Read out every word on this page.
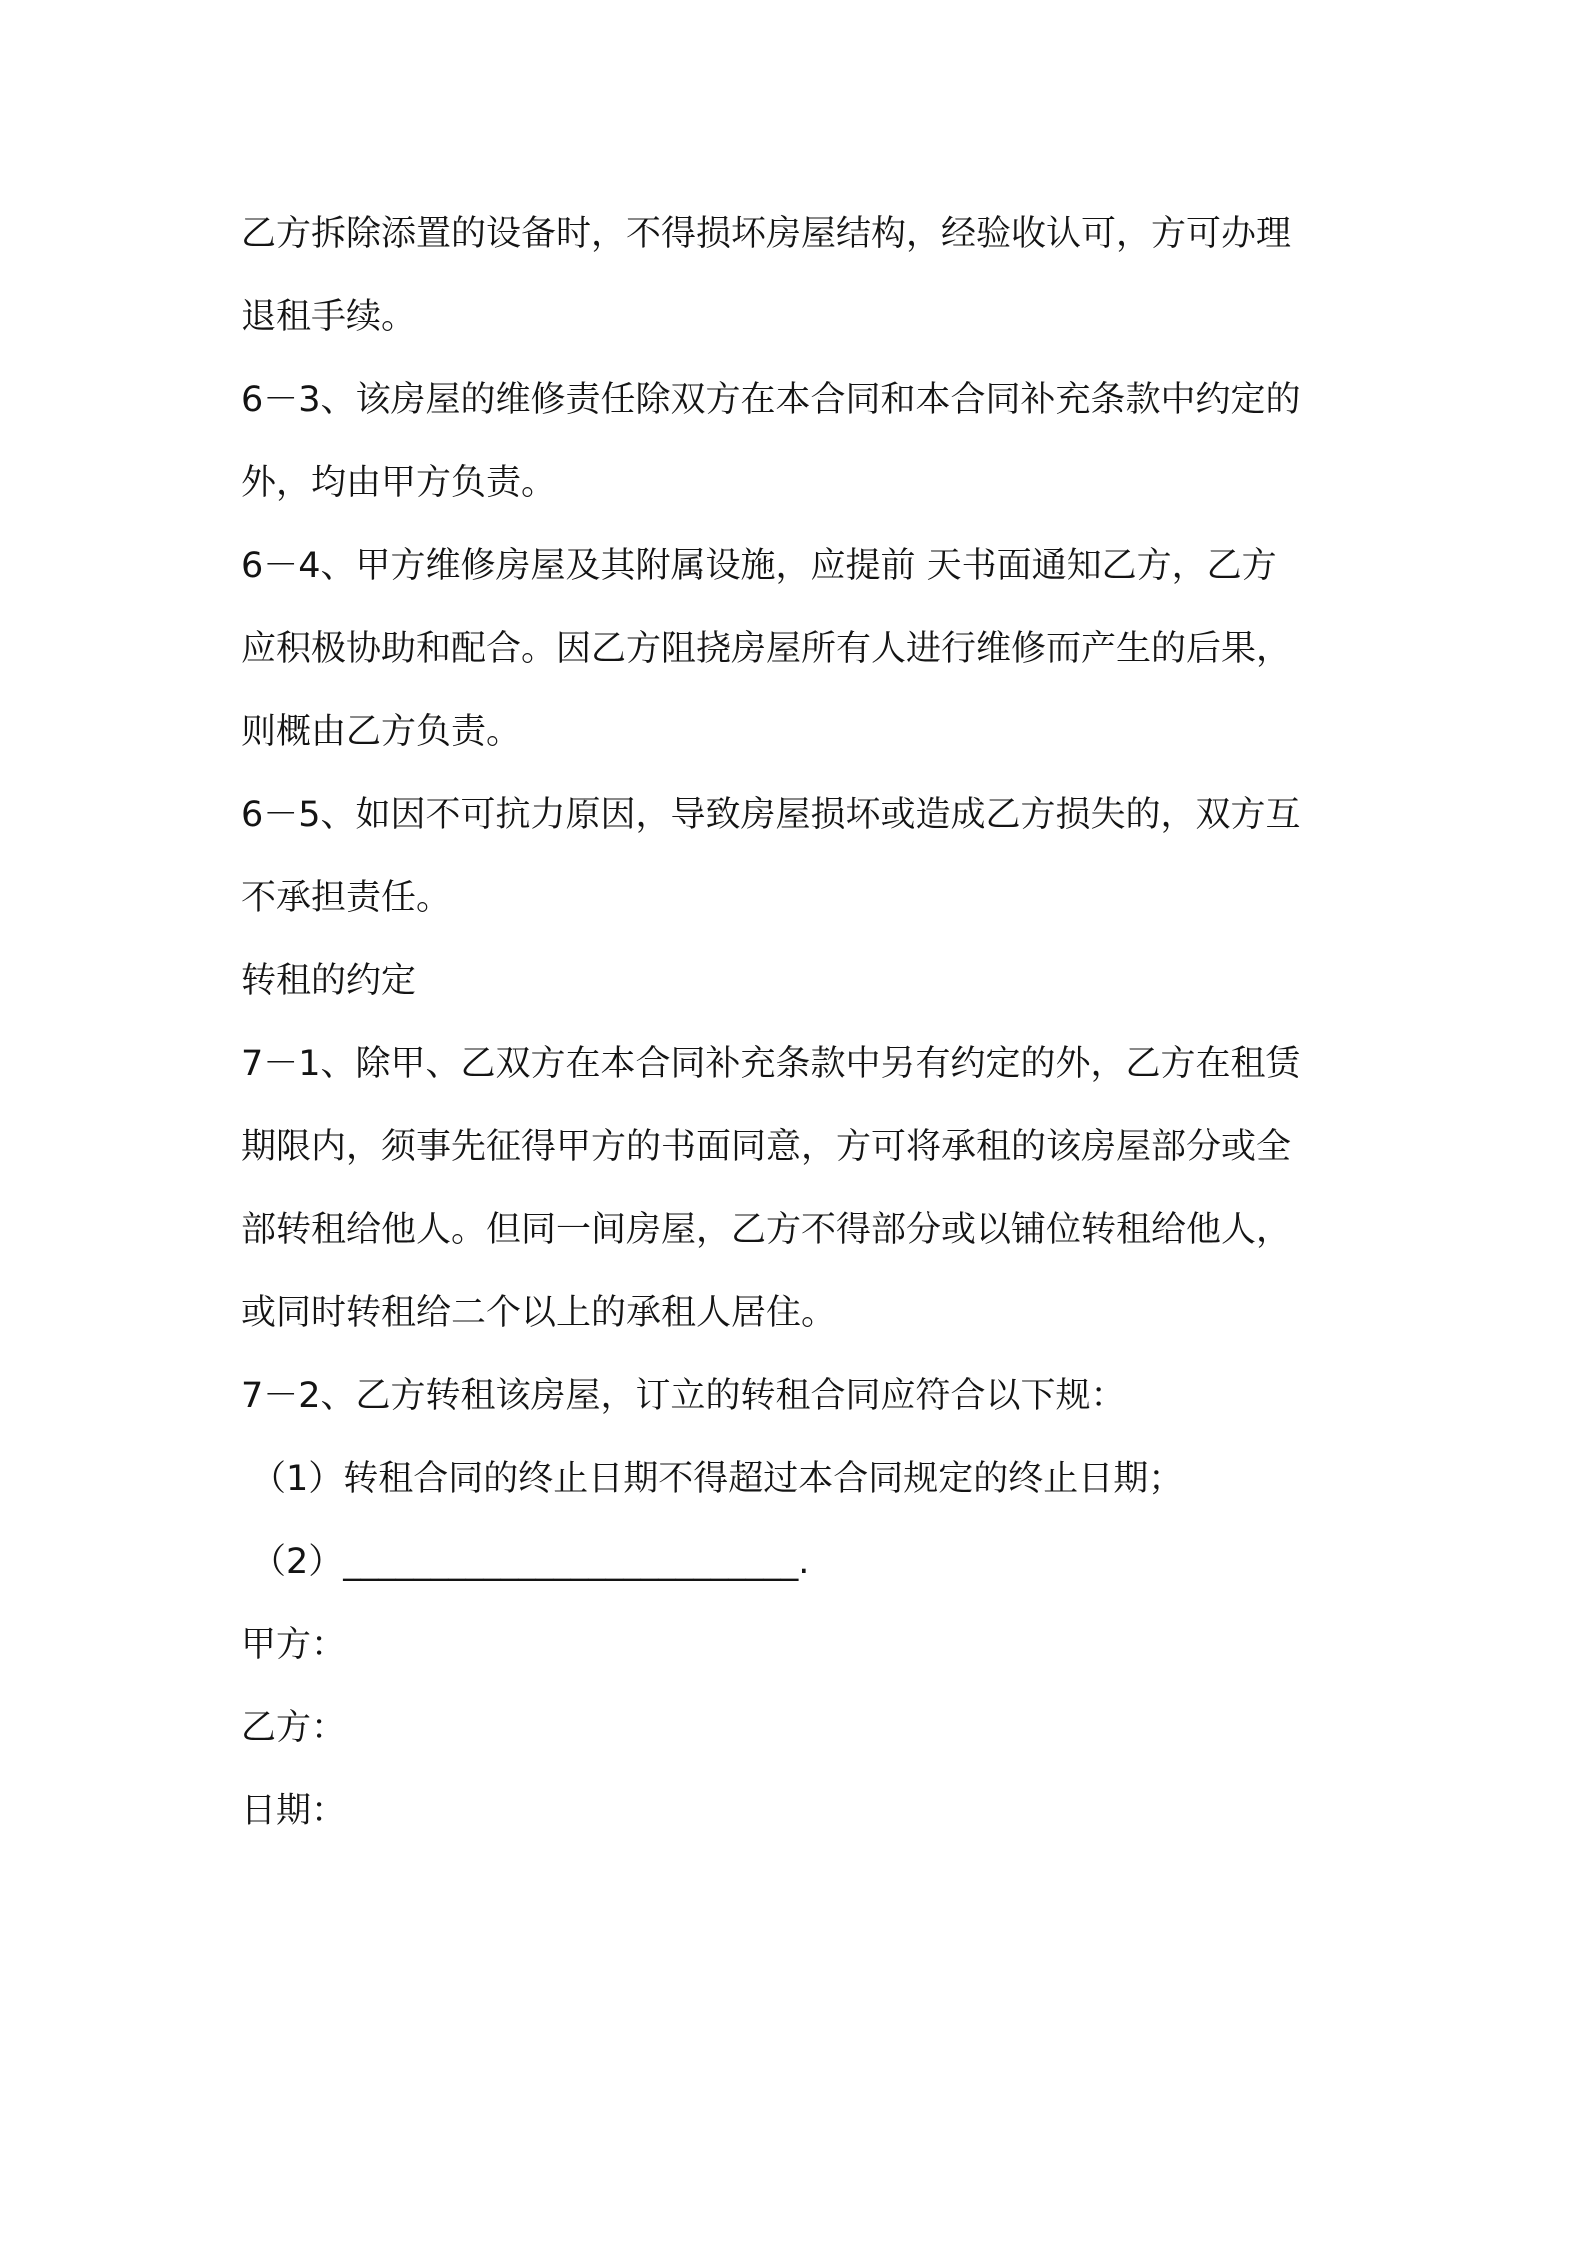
乙方拆除添置的设备时，不得损坏房屋结构，经验收认可，方可办理
退租手续。
6－3、该房屋的维修责任除双方在本合同和本合同补充条款中约定的
外，均由甲方负责。
6－4、甲方维修房屋及其附属设施，应提前 天书面通知乙方，乙方
应积极协助和配合。因乙方阻挠房屋所有人进行维修而产生的后果，
则概由乙方负责。
6－5、如因不可抗力原因，导致房屋损坏或造成乙方损失的，双方互
不承担责任。
转租的约定
7－1、除甲、乙双方在本合同补充条款中另有约定的外，乙方在租赁
期限内，须事先征得甲方的书面同意，方可将承租的该房屋部分或全
部转租给他人。但同一间房屋，乙方不得部分或以铺位转租给他人，
或同时转租给二个以上的承租人居住。
7－2、乙方转租该房屋，订立的转租合同应符合以下规：
（1）转租合同的终止日期不得超过本合同规定的终止日期；
（2）__________________________.
甲方：
乙方：
日期：
